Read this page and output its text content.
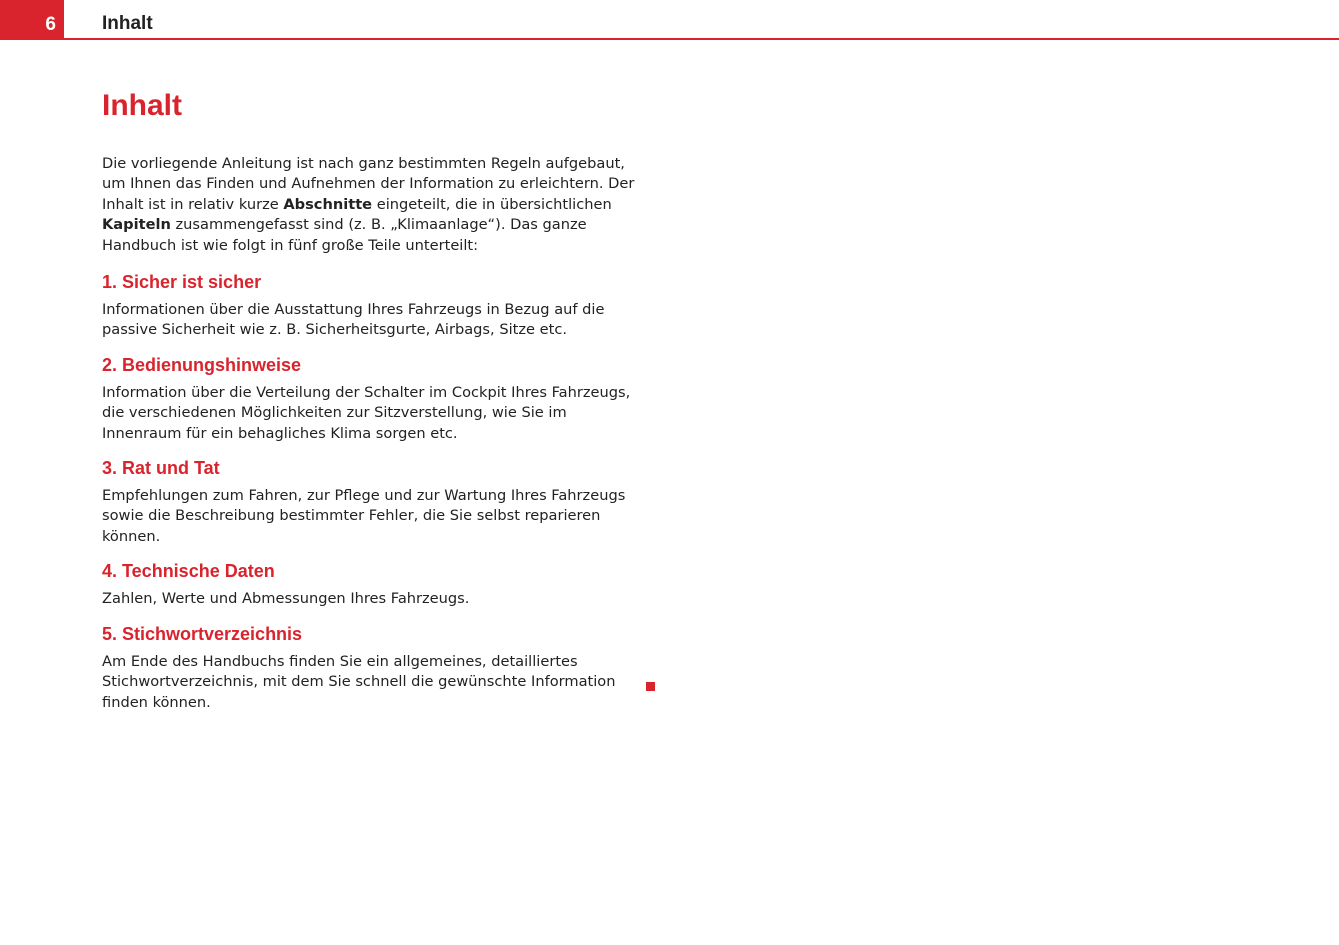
6	Inhalt
Inhalt

Die vorliegende Anleitung ist nach ganz bestimmten Regeln aufgebaut, um Ihnen das Finden und Aufnehmen der Information zu erleichtern. Der Inhalt ist in relativ kurze Abschnitte eingeteilt, die in übersichtlichen Kapiteln zusammengefasst sind (z. B. „Klimaanlage“). Das ganze Handbuch ist wie folgt in fünf große Teile unterteilt:

1. Sicher ist sicher

Informationen über die Ausstattung Ihres Fahrzeugs in Bezug auf die passive Sicherheit wie z. B. Sicherheitsgurte, Airbags, Sitze etc.

2. Bedienungshinweise

Information über die Verteilung der Schalter im Cockpit Ihres Fahrzeugs, die verschiedenen Möglichkeiten zur Sitzverstellung, wie Sie im Innenraum für ein behagliches Klima sorgen etc.

3. Rat und Tat

Empfehlungen zum Fahren, zur Pflege und zur Wartung Ihres Fahrzeugs sowie die Beschreibung bestimmter Fehler, die Sie selbst reparieren können.

4. Technische Daten

Zahlen, Werte und Abmessungen Ihres Fahrzeugs.

5. Stichwortverzeichnis

Am Ende des Handbuchs finden Sie ein allgemeines, detailliertes Stichwortverzeichnis, mit dem Sie schnell die gewünschte Information finden können.
